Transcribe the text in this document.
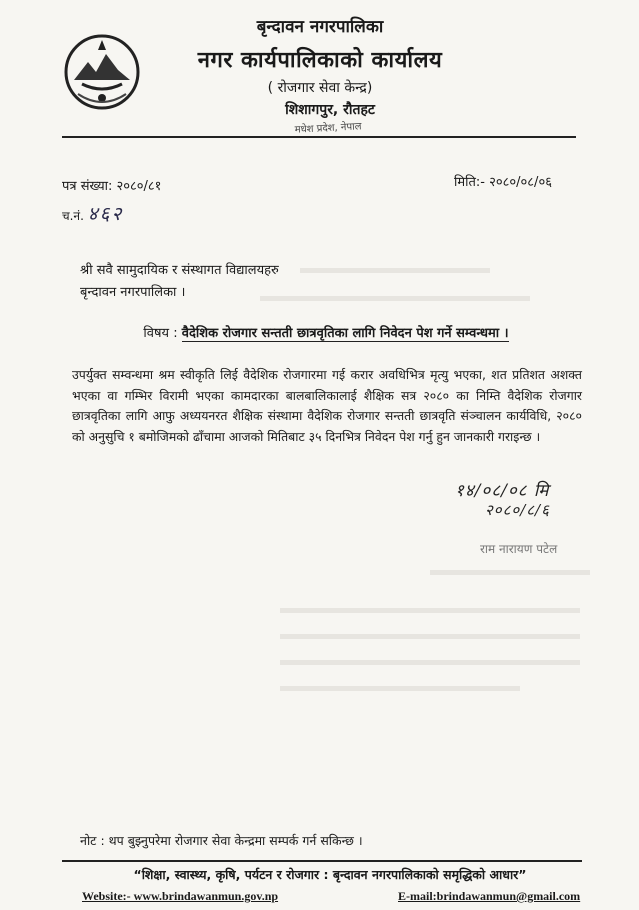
बृन्दावन नगरपालिका
नगर कार्यपालिकाको कार्यालय
( रोजगार सेवा केन्द्र)
शिशागपुर, रौतहट
मधेश प्रदेश, नेपाल
पत्र संख्या: २०८०/८१	मिति:- २०८०/०८/०६
च.नं. ४६२
श्री सवै सामुदायिक र संस्थागत विद्यालयहरु
बृन्दावन नगरपालिका ।
विषय : वैदेशिक रोजगार सन्तती छात्रवृतिका लागि निवेदन पेश गर्ने सम्वन्धमा ।
उपर्युक्त सम्वन्धमा श्रम स्वीकृति लिई वैदेशिक रोजगारमा गई करार अवधिभित्र मृत्यु भएका, शत प्रतिशत अशक्त भएका वा गम्भिर विरामी भएका कामदारका बालबालिकालाई शैक्षिक सत्र २०८० का निम्ति वैदेशिक रोजगार छात्रवृतिका लागि आफु अध्ययनरत शैक्षिक संस्थामा वैदेशिक रोजगार सन्तती छात्रवृति संञ्चालन कार्यविधि, २०८० को अनुसुचि १ बमोजिमको ढाँचामा आजको मितिबाट ३५ दिनभित्र निवेदन पेश गर्नु हुन जानकारी गराइन्छ ।
१४/०८/०८ मि
२०८०/८/६
राम नारायण पटेल
नोट : थप बुझ्नुपरेमा रोजगार सेवा केन्द्रमा सम्पर्क गर्न सकिन्छ ।
“शिक्षा, स्वास्थ्य, कृषि, पर्यटन र रोजगार : बृन्दावन नगरपालिकाको समृद्धिको आधार”
Website:- www.brindawanmun.gov.np	E-mail:brindawanmun@gmail.com
